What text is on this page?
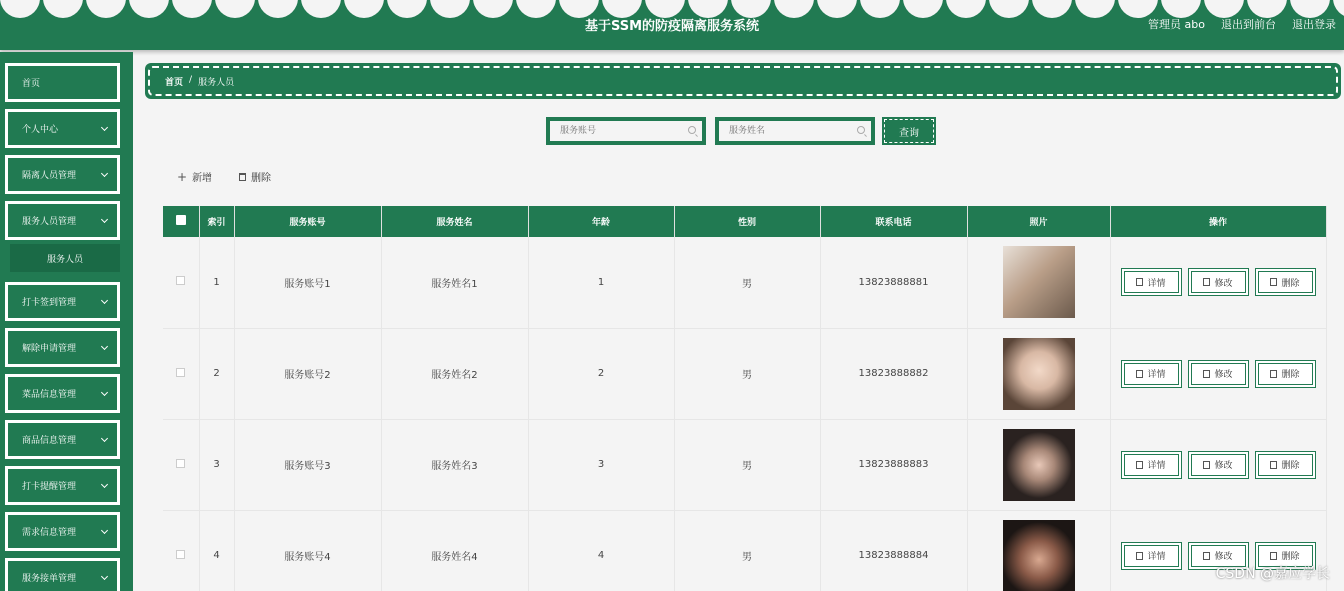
基于SSM的防疫隔离服务系统	管理员 abo 退出到前台 退出登录
首页
个人中心
隔离人员管理
服务人员管理
服务人员
打卡签到管理
解除申请管理
菜品信息管理
商品信息管理
打卡提醒管理
需求信息管理
服务接单管理
首页 / 服务人员
服务账号
服务姓名
查询
+ 新增	删除
	索引	服务账号	服务姓名	年龄	性别	联系电话	照片	操作
	1	服务账号1	服务姓名1	1	男	13823888881		详情 修改 删除

	2	服务账号2	服务姓名2	2	男	13823888882		详情 修改 删除

	3	服务账号3	服务姓名3	3	男	13823888883		详情 修改 删除

	4	服务账号4	服务姓名4	4	男	13823888884		详情 修改 删除
CSDN @嘉应学长
